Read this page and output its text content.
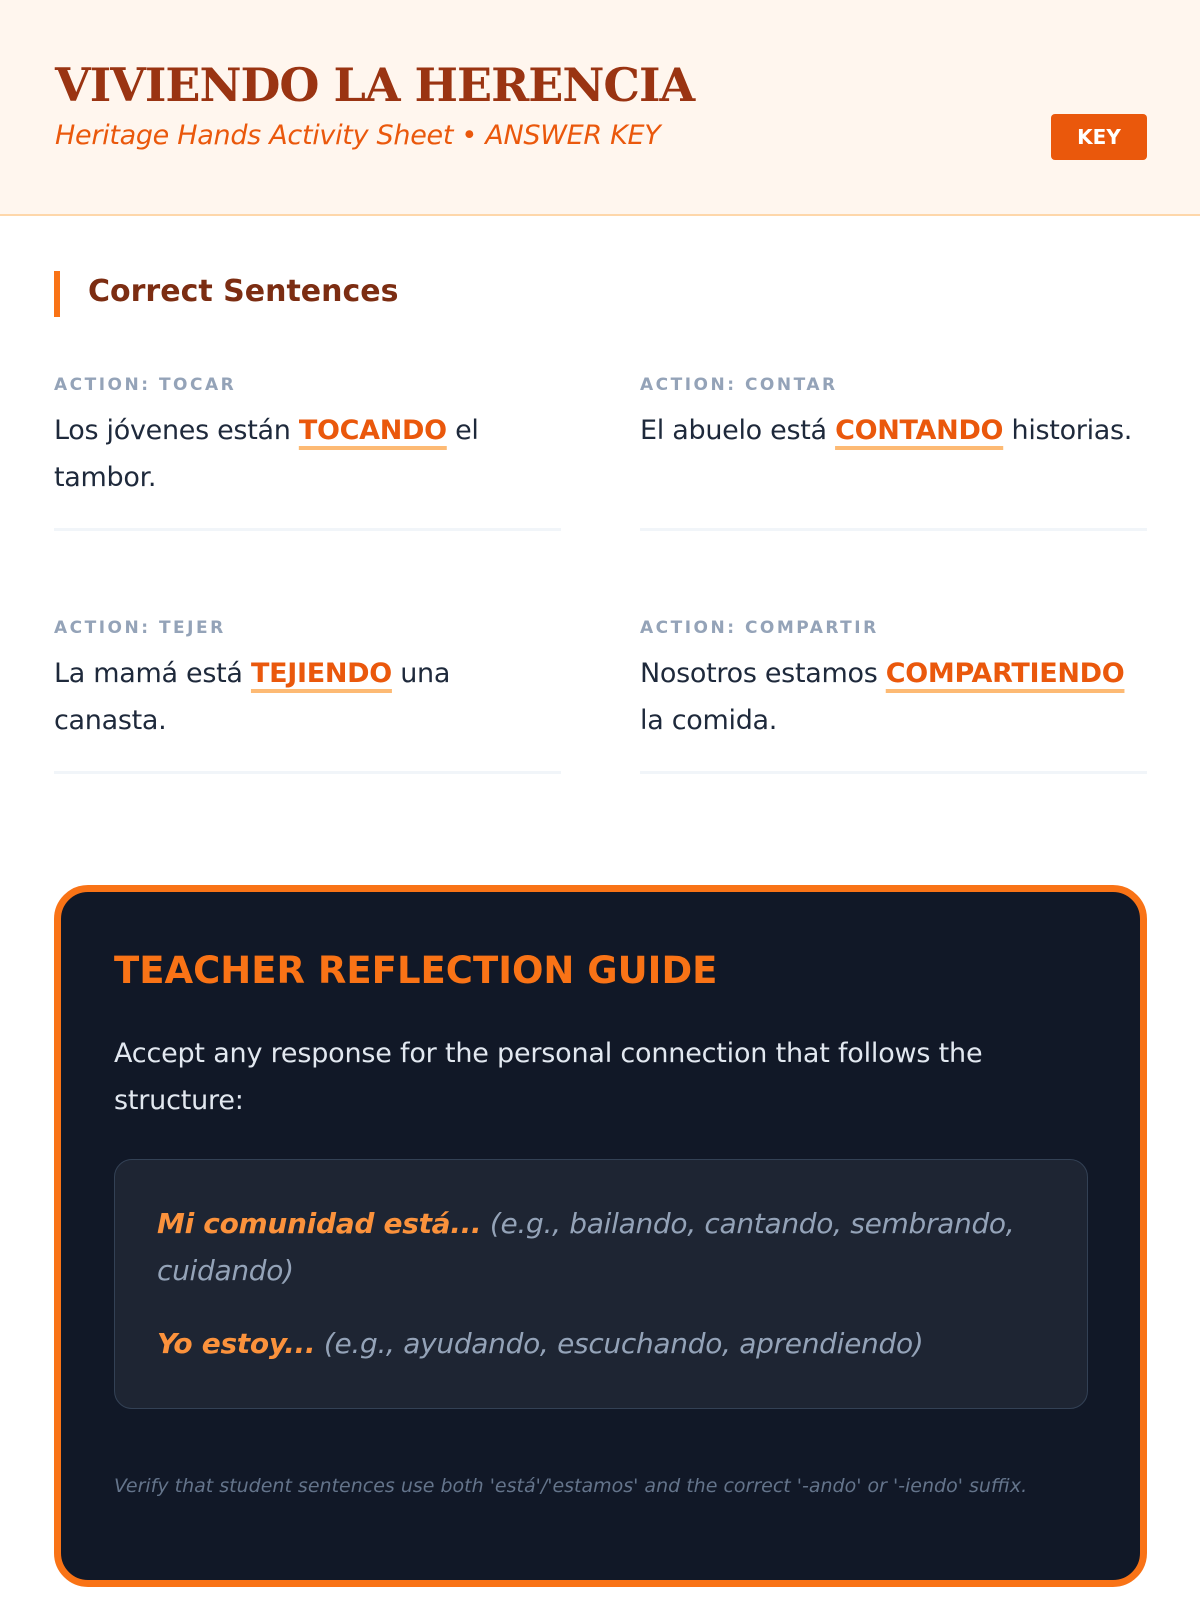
VIVIENDO LA HERENCIA
Heritage Hands Activity Sheet • ANSWER KEY	KEY
Correct Sentences
ACTION: TOCAR
Los jóvenes están TOCANDO el tambor.
ACTION: CONTAR
El abuelo está CONTANDO historias.
ACTION: TEJER
La mamá está TEJIENDO una canasta.
ACTION: COMPARTIR
Nosotros estamos COMPARTIENDO la comida.
TEACHER REFLECTION GUIDE
Accept any response for the personal connection that follows the structure:
Mi comunidad está... (e.g., bailando, cantando, sembrando, cuidando)
Yo estoy... (e.g., ayudando, escuchando, aprendiendo)
Verify that student sentences use both 'está'/'estamos' and the correct '-ando' or '-iendo' suffix.
